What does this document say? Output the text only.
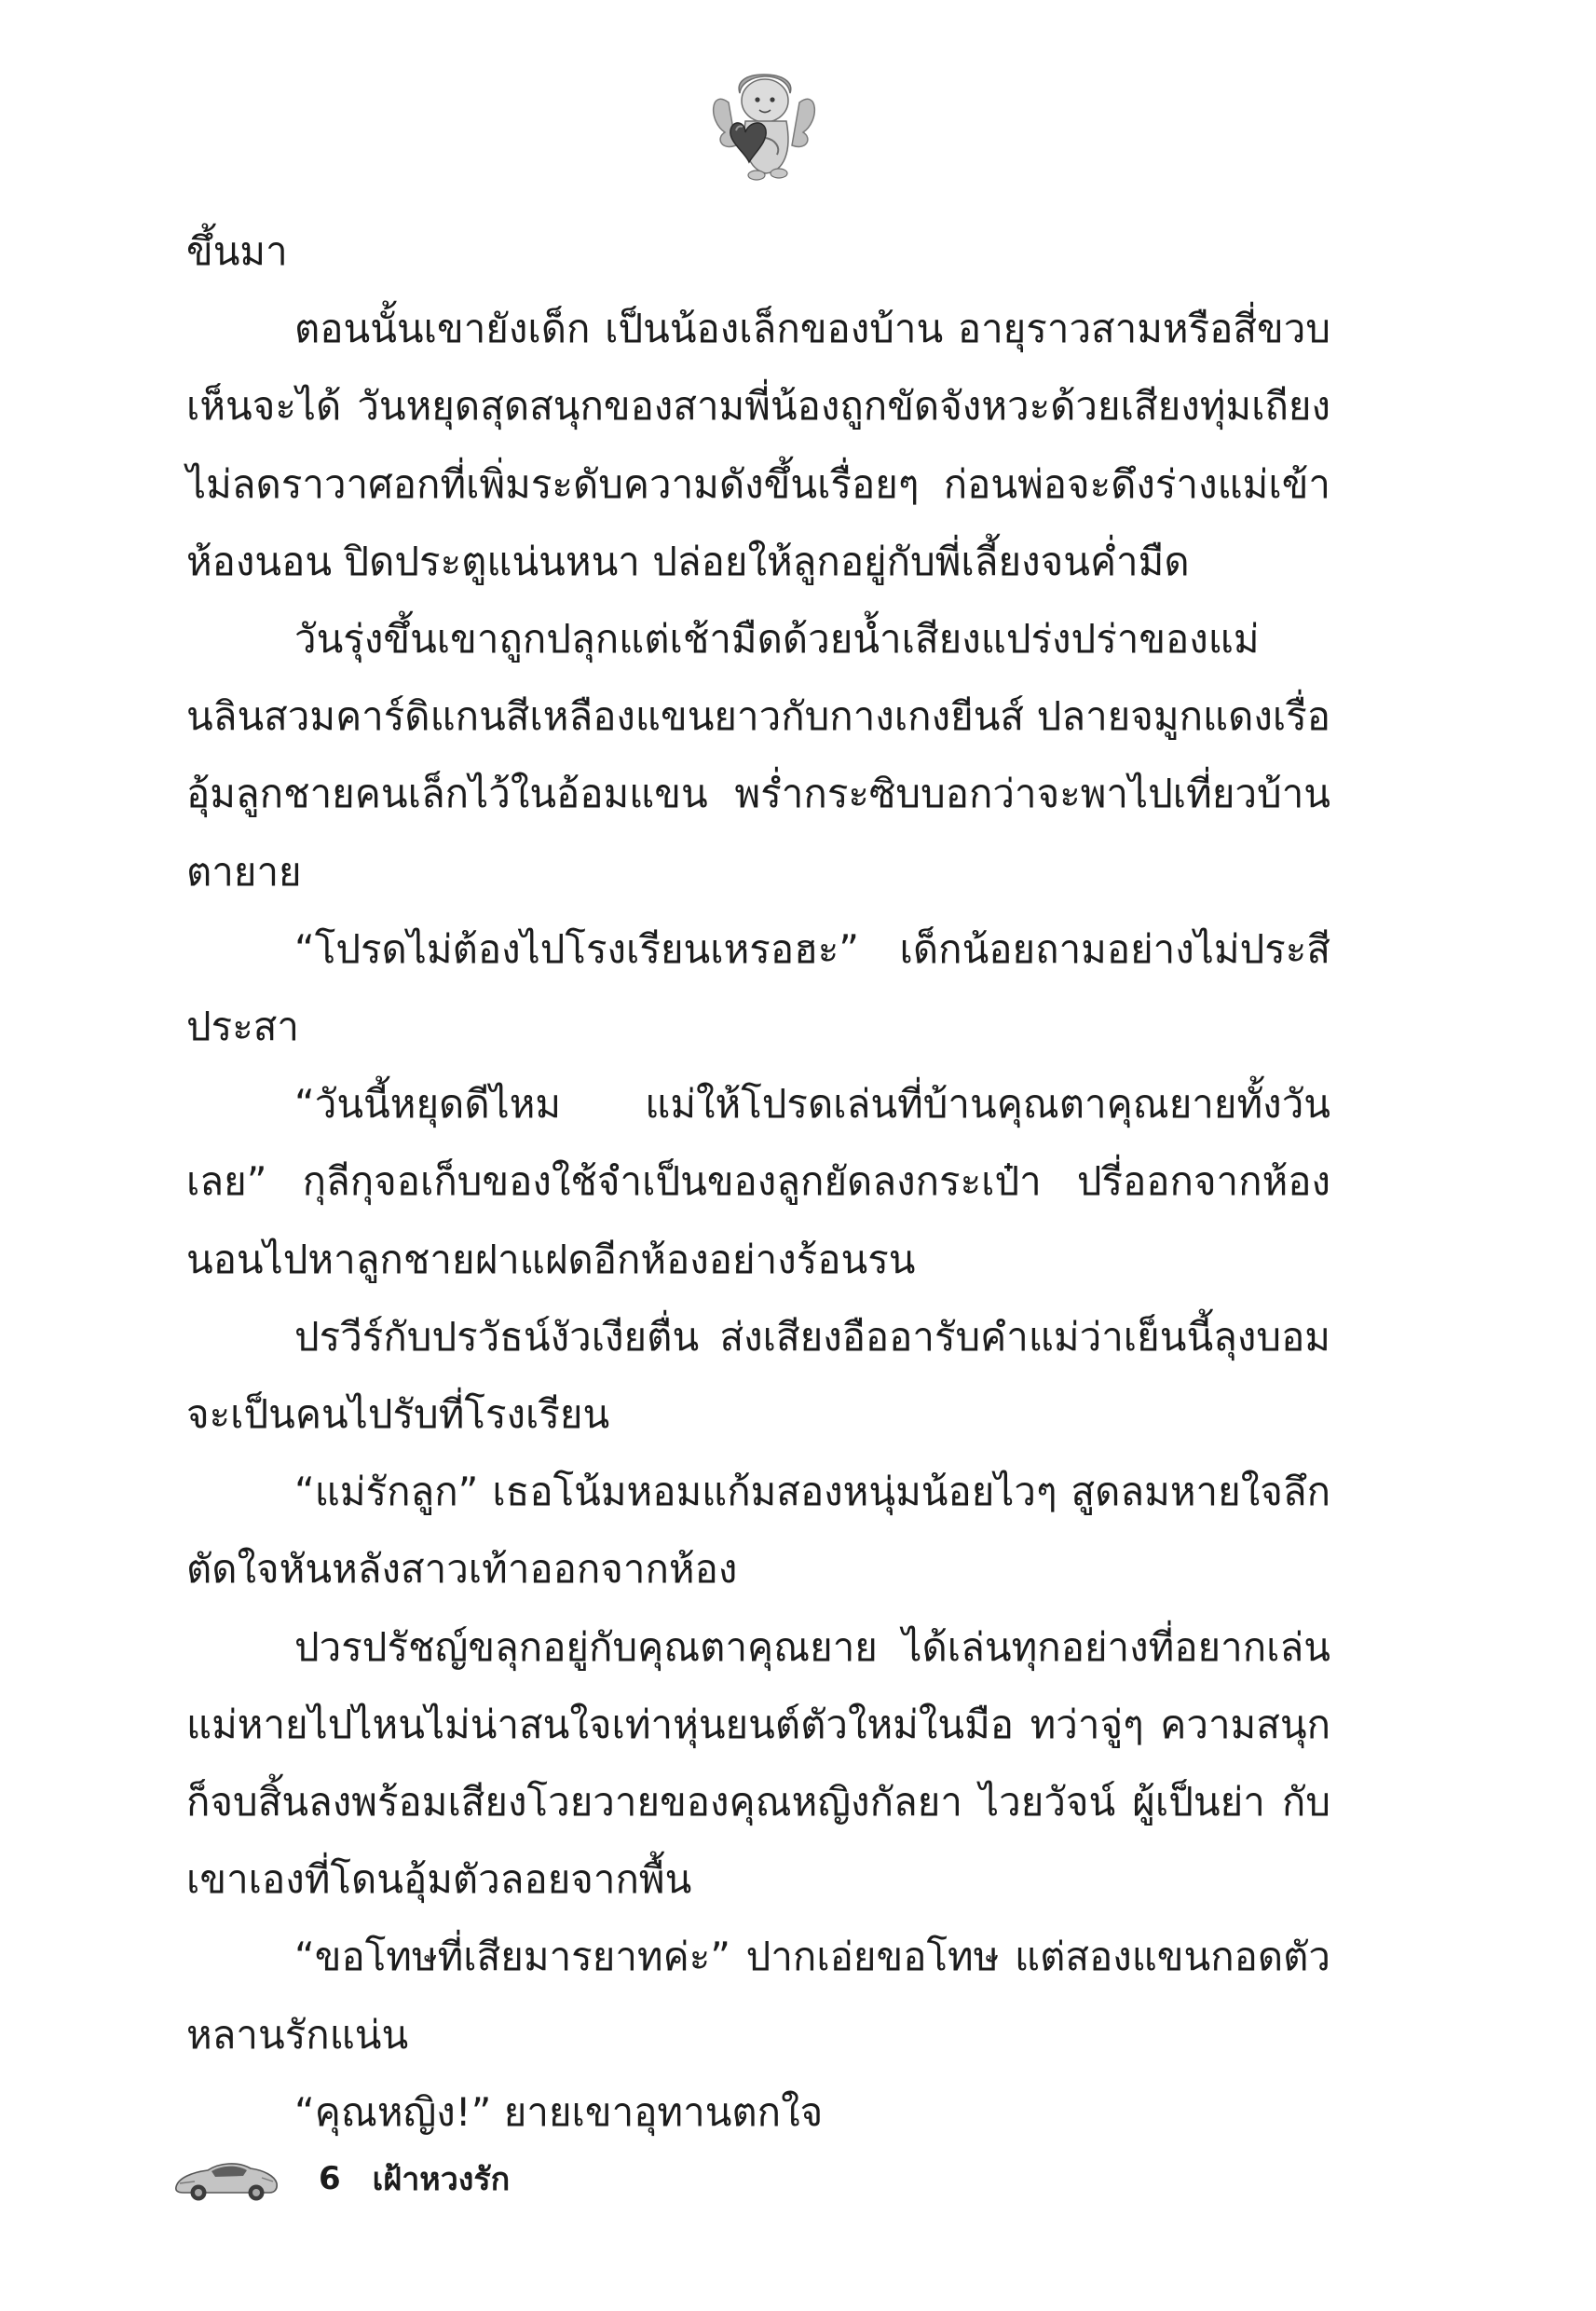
ขึ้นมา

ตอนนั้นเขายังเด็ก เป็นน้องเล็กของบ้าน อายุราวสามหรือสี่ขวบเห็นจะได้ วันหยุดสุดสนุกของสามพี่น้องถูกขัดจังหวะด้วยเสียงทุ่มเถียงไม่ลดราวาศอกที่เพิ่มระดับความดังขึ้นเรื่อยๆ ก่อนพ่อจะดึงร่างแม่เข้าห้องนอน ปิดประตูแน่นหนา ปล่อยให้ลูกอยู่กับพี่เลี้ยงจนค่ำมืด

วันรุ่งขึ้นเขาถูกปลุกแต่เช้ามืดด้วยน้ำเสียงแปร่งปร่าของแม่ นลินสวมคาร์ดิแกนสีเหลืองแขนยาวกับกางเกงยีนส์ ปลายจมูกแดงเรื่อ อุ้มลูกชายคนเล็กไว้ในอ้อมแขน พร่ำกระซิบบอกว่าจะพาไปเที่ยวบ้านตายาย

“โปรดไม่ต้องไปโรงเรียนเหรอฮะ” เด็กน้อยถามอย่างไม่ประสีประสา

“วันนี้หยุดดีไหม แม่ให้โปรดเล่นที่บ้านคุณตาคุณยายทั้งวันเลย” กุลีกุจอเก็บของใช้จำเป็นของลูกยัดลงกระเป๋า ปรี่ออกจากห้องนอนไปหาลูกชายฝาแฝดอีกห้องอย่างร้อนรน

ปรวีร์กับปรวัธน์งัวเงียตื่น ส่งเสียงอืออารับคำแม่ว่าเย็นนี้ลุงบอมจะเป็นคนไปรับที่โรงเรียน

“แม่รักลูก” เธอโน้มหอมแก้มสองหนุ่มน้อยไวๆ สูดลมหายใจลึก ตัดใจหันหลังสาวเท้าออกจากห้อง

ปวรปรัชญ์ขลุกอยู่กับคุณตาคุณยาย ได้เล่นทุกอย่างที่อยากเล่น แม่หายไปไหนไม่น่าสนใจเท่าหุ่นยนต์ตัวใหม่ในมือ ทว่าจู่ๆ ความสนุกก็จบสิ้นลงพร้อมเสียงโวยวายของคุณหญิงกัลยา ไวยวัจน์ ผู้เป็นย่า กับเขาเองที่โดนอุ้มตัวลอยจากพื้น

“ขอโทษที่เสียมารยาทค่ะ” ปากเอ่ยขอโทษ แต่สองแขนกอดตัวหลานรักแน่น

“คุณหญิง!” ยายเขาอุทานตกใจ

6 เฝ้าหวงรัก
